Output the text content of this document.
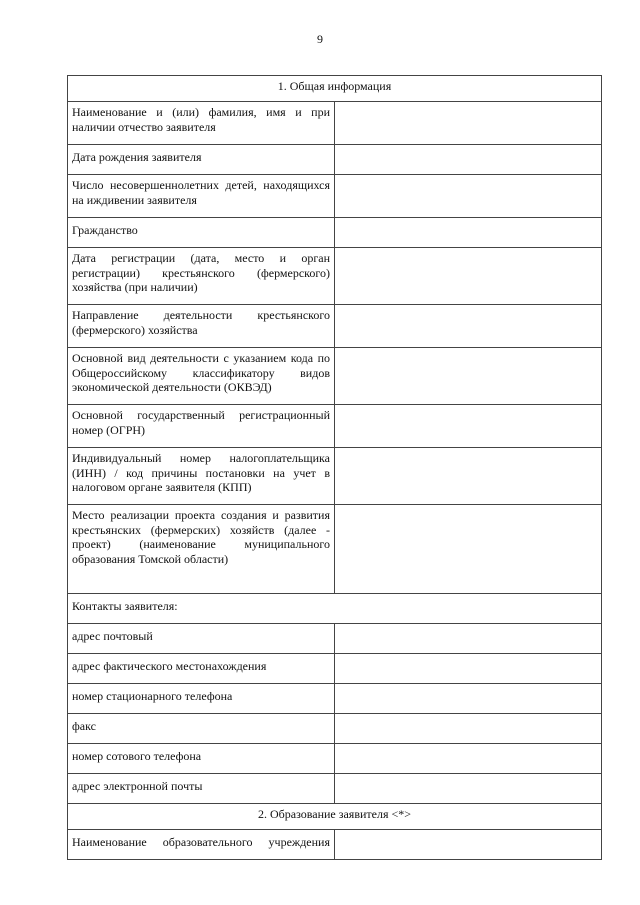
9
1. Общая информация	
Наименование и (или) фамилия, имя и при наличии отчество заявителя	
Дата рождения заявителя	
Число несовершеннолетних детей, находящихся на иждивении заявителя	
Гражданство	
Дата регистрации (дата, место и орган регистрации) крестьянского (фермерского) хозяйства (при наличии)	
Направление деятельности крестьянского (фермерского) хозяйства	
Основной вид деятельности с указанием кода по Общероссийскому классификатору видов экономической деятельности (ОКВЭД)	
Основной государственный регистрационный номер (ОГРН)	
Индивидуальный номер налогоплательщика (ИНН) / код причины постановки на учет в налоговом органе заявителя (КПП)	
Место реализации проекта создания и развития крестьянских (фермерских) хозяйств (далее - проект) (наименование муниципального образования Томской области)	
Контакты заявителя:	
адрес почтовый	
адрес фактического местонахождения	
номер стационарного телефона	
факс	
номер сотового телефона	
адрес электронной почты	
2. Образование заявителя <*>	
Наименование образовательного учреждения	
